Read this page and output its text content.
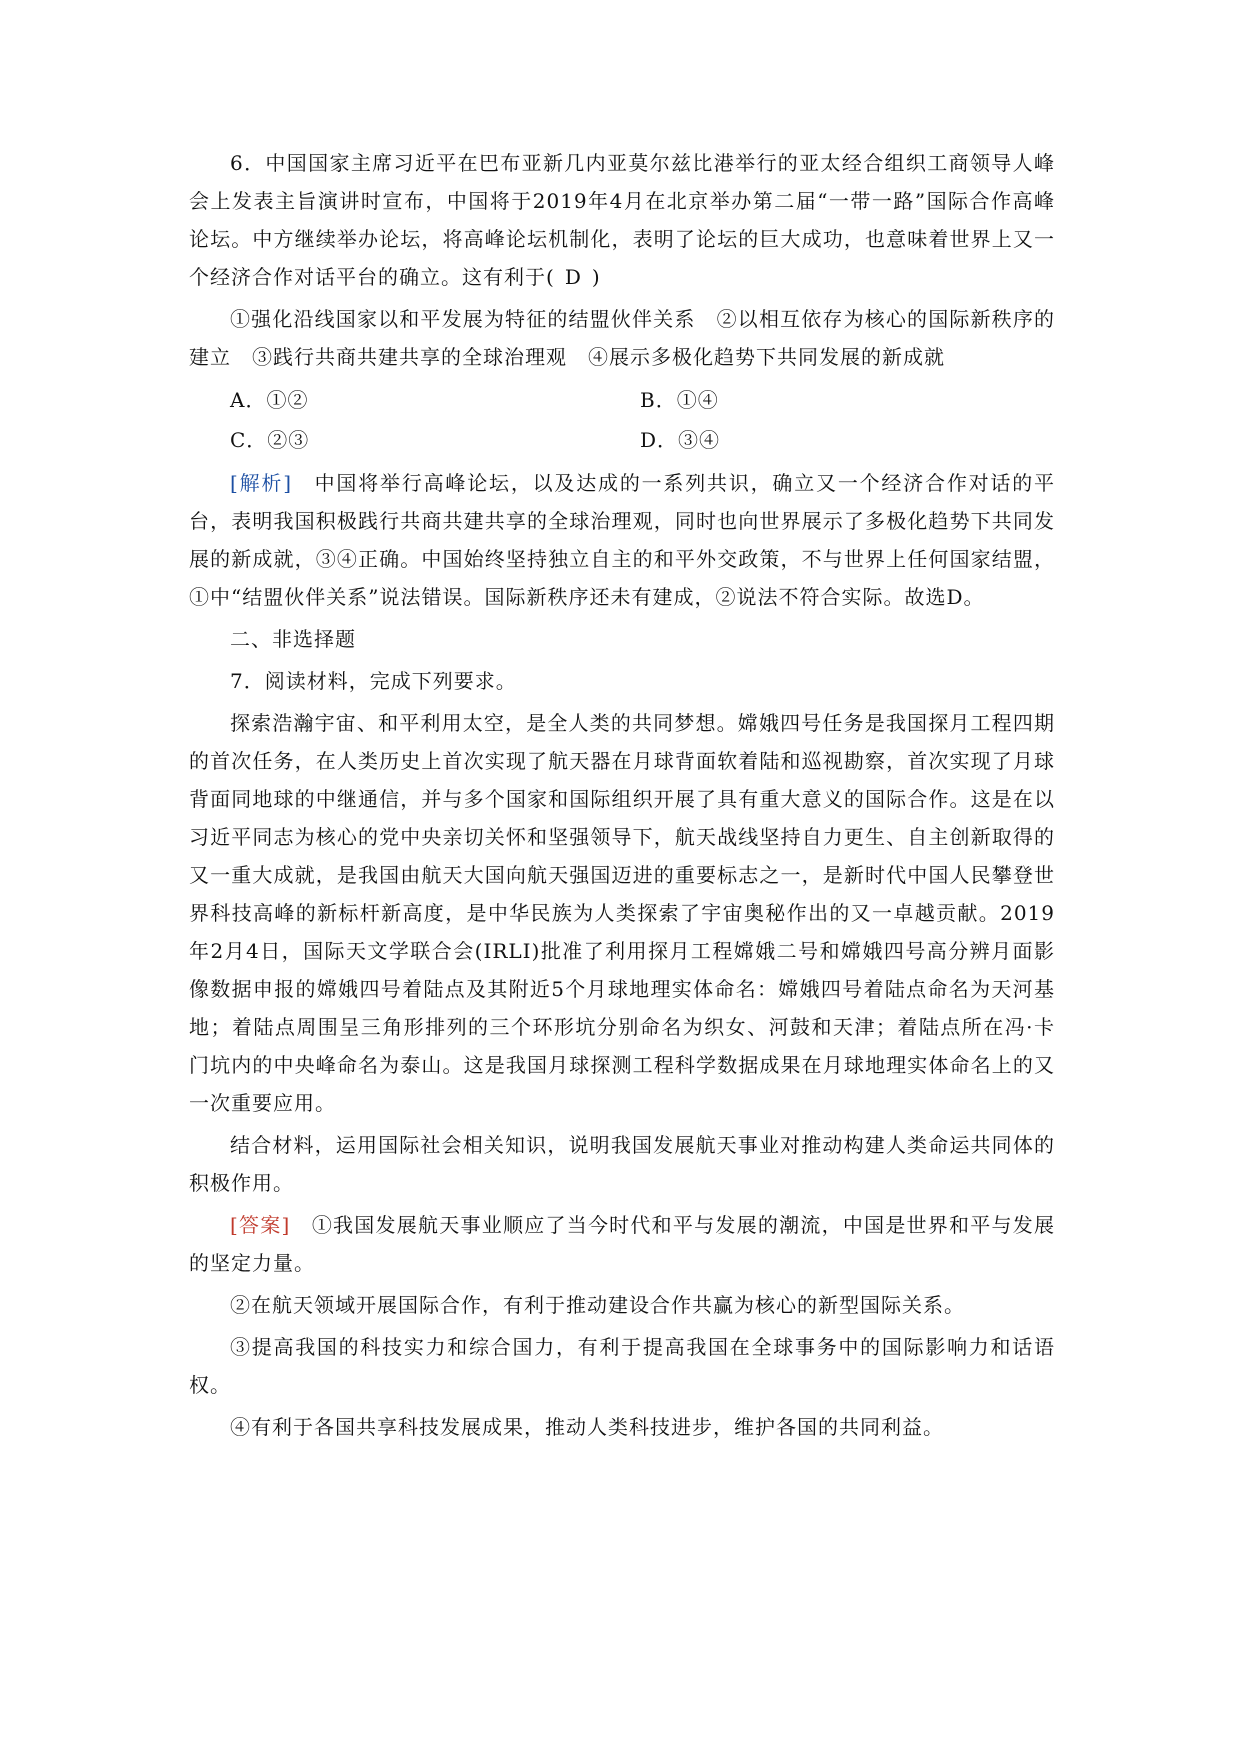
6．中国国家主席习近平在巴布亚新几内亚莫尔兹比港举行的亚太经合组织工商领导人峰会上发表主旨演讲时宣布，中国将于2019年4月在北京举办第二届“一带一路”国际合作高峰论坛。中方继续举办论坛，将高峰论坛机制化，表明了论坛的巨大成功，也意味着世界上又一个经济合作对话平台的确立。这有利于( D )

①强化沿线国家以和平发展为特征的结盟伙伴关系　②以相互依存为核心的国际新秩序的建立　③践行共商共建共享的全球治理观　④展示多极化趋势下共同发展的新成就

A．①②	B．①④
C．②③	D．③④

[解析]　 中国将举行高峰论坛，以及达成的一系列共识，确立又一个经济合作对话的平台，表明我国积极践行共商共建共享的全球治理观，同时也向世界展示了多极化趋势下共同发展的新成就，③④正确。中国始终坚持独立自主的和平外交政策，不与世界上任何国家结盟，①中“结盟伙伴关系”说法错误。国际新秩序还未有建成，②说法不符合实际。故选D。

二、非选择题

7．阅读材料，完成下列要求。

探索浩瀚宇宙、和平利用太空，是全人类的共同梦想。嫦娥四号任务是我国探月工程四期的首次任务，在人类历史上首次实现了航天器在月球背面软着陆和巡视勘察，首次实现了月球背面同地球的中继通信，并与多个国家和国际组织开展了具有重大意义的国际合作。这是在以习近平同志为核心的党中央亲切关怀和坚强领导下，航天战线坚持自力更生、自主创新取得的又一重大成就，是我国由航天大国向航天强国迈进的重要标志之一，是新时代中国人民攀登世界科技高峰的新标杆新高度，是中华民族为人类探索了宇宙奥秘作出的又一卓越贡献。2019年2月4日，国际天文学联合会(IRLI)批准了利用探月工程嫦娥二号和嫦娥四号高分辨月面影像数据申报的嫦娥四号着陆点及其附近5个月球地理实体命名：嫦娥四号着陆点命名为天河基地；着陆点周围呈三角形排列的三个环形坑分别命名为织女、河鼓和天津；着陆点所在冯·卡门坑内的中央峰命名为泰山。这是我国月球探测工程科学数据成果在月球地理实体命名上的又一次重要应用。

结合材料，运用国际社会相关知识，说明我国发展航天事业对推动构建人类命运共同体的积极作用。

[答案]　 ①我国发展航天事业顺应了当今时代和平与发展的潮流，中国是世界和平与发展的坚定力量。

②在航天领域开展国际合作，有利于推动建设合作共赢为核心的新型国际关系。

③提高我国的科技实力和综合国力，有利于提高我国在全球事务中的国际影响力和话语权。

④有利于各国共享科技发展成果，推动人类科技进步，维护各国的共同利益。
